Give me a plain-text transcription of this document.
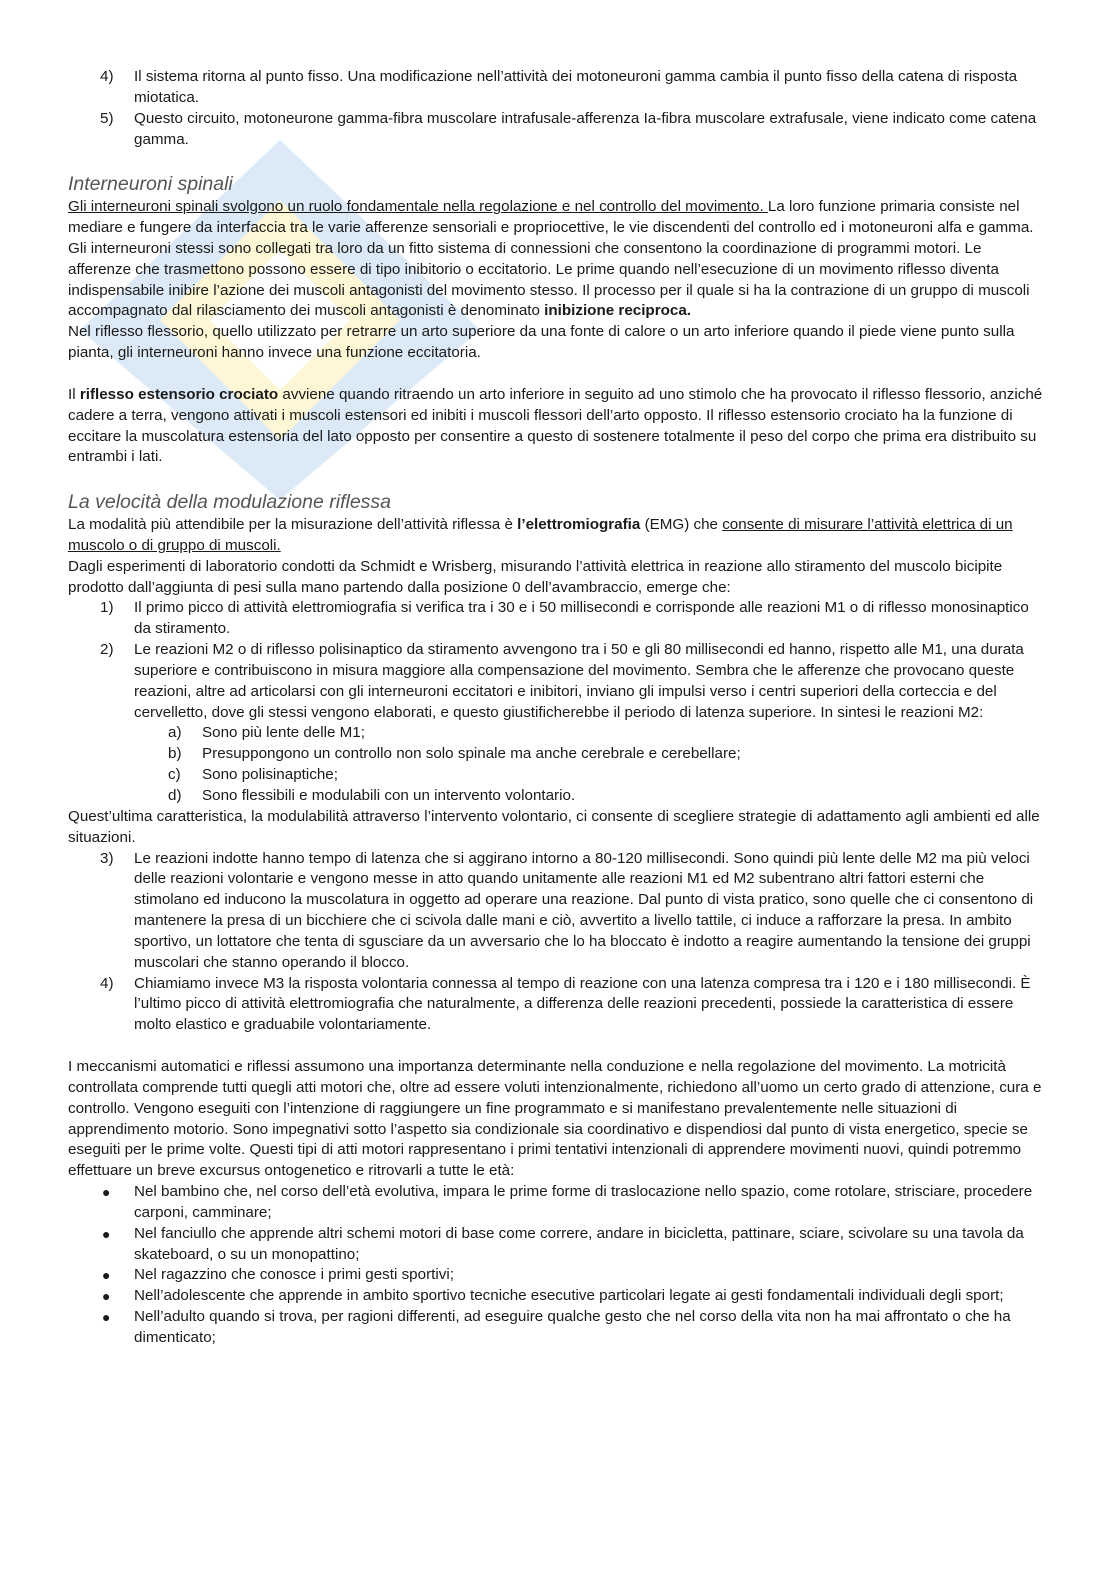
4) Il sistema ritorna al punto fisso. Una modificazione nell’attività dei motoneuroni gamma cambia il punto fisso della catena di risposta miotatica.
5) Questo circuito, motoneurone gamma-fibra muscolare intrafusale-afferenza Ia-fibra muscolare extrafusale, viene indicato come catena gamma.
Interneuroni spinali

Gli interneuroni spinali svolgono un ruolo fondamentale nella regolazione e nel controllo del movimento. La loro funzione primaria consiste nel mediare e fungere da interfaccia tra le varie afferenze sensoriali e propriocettive, le vie discendenti del controllo ed i motoneuroni alfa e gamma. Gli interneuroni stessi sono collegati tra loro da un fitto sistema di connessioni che consentono la coordinazione di programmi motori. Le afferenze che trasmettono possono essere di tipo inibitorio o eccitatorio. Le prime quando nell’esecuzione di un movimento riflesso diventa indispensabile inibire l’azione dei muscoli antagonisti del movimento stesso. Il processo per il quale si ha la contrazione di un gruppo di muscoli accompagnato dal rilasciamento dei muscoli antagonisti è denominato inibizione reciproca.

Nel riflesso flessorio, quello utilizzato per retrarre un arto superiore da una fonte di calore o un arto inferiore quando il piede viene punto sulla pianta, gli interneuroni hanno invece una funzione eccitatoria.

Il riflesso estensorio crociato avviene quando ritraendo un arto inferiore in seguito ad uno stimolo che ha provocato il riflesso flessorio, anziché cadere a terra, vengono attivati i muscoli estensori ed inibiti i muscoli flessori dell’arto opposto. Il riflesso estensorio crociato ha la funzione di eccitare la muscolatura estensoria del lato opposto per consentire a questo di sostenere totalmente il peso del corpo che prima era distribuito su entrambi i lati.

La velocità della modulazione riflessa

La modalità più attendibile per la misurazione dell’attività riflessa è l’elettromiografia (EMG) che consente di misurare l’attività elettrica di un muscolo o di gruppo di muscoli.

Dagli esperimenti di laboratorio condotti da Schmidt e Wrisberg, misurando l’attività elettrica in reazione allo stiramento del muscolo bicipite prodotto dall’aggiunta di pesi sulla mano partendo dalla posizione 0 dell’avambraccio, emerge che:

1) Il primo picco di attività elettromiografia si verifica tra i 30 e i 50 millisecondi e corrisponde alle reazioni M1 o di riflesso monosinaptico da stiramento.
2) Le reazioni M2 o di riflesso polisinaptico da stiramento avvengono tra i 50 e gli 80 millisecondi ed hanno, rispetto alle M1, una durata superiore e contribuiscono in misura maggiore alla compensazione del movimento. Sembra che le afferenze che provocano queste reazioni, altre ad articolarsi con gli interneuroni eccitatori e inibitori, inviano gli impulsi verso i centri superiori della corteccia e del cervelletto, dove gli stessi vengono elaborati, e questo giustificherebbe il periodo di latenza superiore. In sintesi le reazioni M2:
a) Sono più lente delle M1;
b) Presuppongono un controllo non solo spinale ma anche cerebrale e cerebellare;
c) Sono polisinaptiche;
d) Sono flessibili e modulabili con un intervento volontario.

Quest’ultima caratteristica, la modulabilità attraverso l’intervento volontario, ci consente di scegliere strategie di adattamento agli ambienti ed alle situazioni.

3) Le reazioni indotte hanno tempo di latenza che si aggirano intorno a 80-120 millisecondi. Sono quindi più lente delle M2 ma più veloci delle reazioni volontarie e vengono messe in atto quando unitamente alle reazioni M1 ed M2 subentrano altri fattori esterni che stimolano ed inducono la muscolatura in oggetto ad operare una reazione. Dal punto di vista pratico, sono quelle che ci consentono di mantenere la presa di un bicchiere che ci scivola dalle mani e ciò, avvertito a livello tattile, ci induce a rafforzare la presa. In ambito sportivo, un lottatore che tenta di sgusciare da un avversario che lo ha bloccato è indotto a reagire aumentando la tensione dei gruppi muscolari che stanno operando il blocco.
4) Chiamiamo invece M3 la risposta volontaria connessa al tempo di reazione con una latenza compresa tra i 120 e i 180 millisecondi. È l’ultimo picco di attività elettromiografia che naturalmente, a differenza delle reazioni precedenti, possiede la caratteristica di essere molto elastico e graduabile volontariamente.

I meccanismi automatici e riflessi assumono una importanza determinante nella conduzione e nella regolazione del movimento. La motricità controllata comprende tutti quegli atti motori che, oltre ad essere voluti intenzionalmente, richiedono all’uomo un certo grado di attenzione, cura e controllo. Vengono eseguiti con l’intenzione di raggiungere un fine programmato e si manifestano prevalentemente nelle situazioni di apprendimento motorio. Sono impegnativi sotto l’aspetto sia condizionale sia coordinativo e dispendiosi dal punto di vista energetico, specie se eseguiti per le prime volte. Questi tipi di atti motori rappresentano i primi tentativi intenzionali di apprendere movimenti nuovi, quindi potremmo effettuare un breve excursus ontogenetico e ritrovarli a tutte le età:

● Nel bambino che, nel corso dell’età evolutiva, impara le prime forme di traslocazione nello spazio, come rotolare, strisciare, procedere carponi, camminare;
● Nel fanciullo che apprende altri schemi motori di base come correre, andare in bicicletta, pattinare, sciare, scivolare su una tavola da skateboard, o su un monopattino;
● Nel ragazzino che conosce i primi gesti sportivi;
● Nell’adolescente che apprende in ambito sportivo tecniche esecutive particolari legate ai gesti fondamentali individuali degli sport;
● Nell’adulto quando si trova, per ragioni differenti, ad eseguire qualche gesto che nel corso della vita non ha mai affrontato o che ha dimenticato;
